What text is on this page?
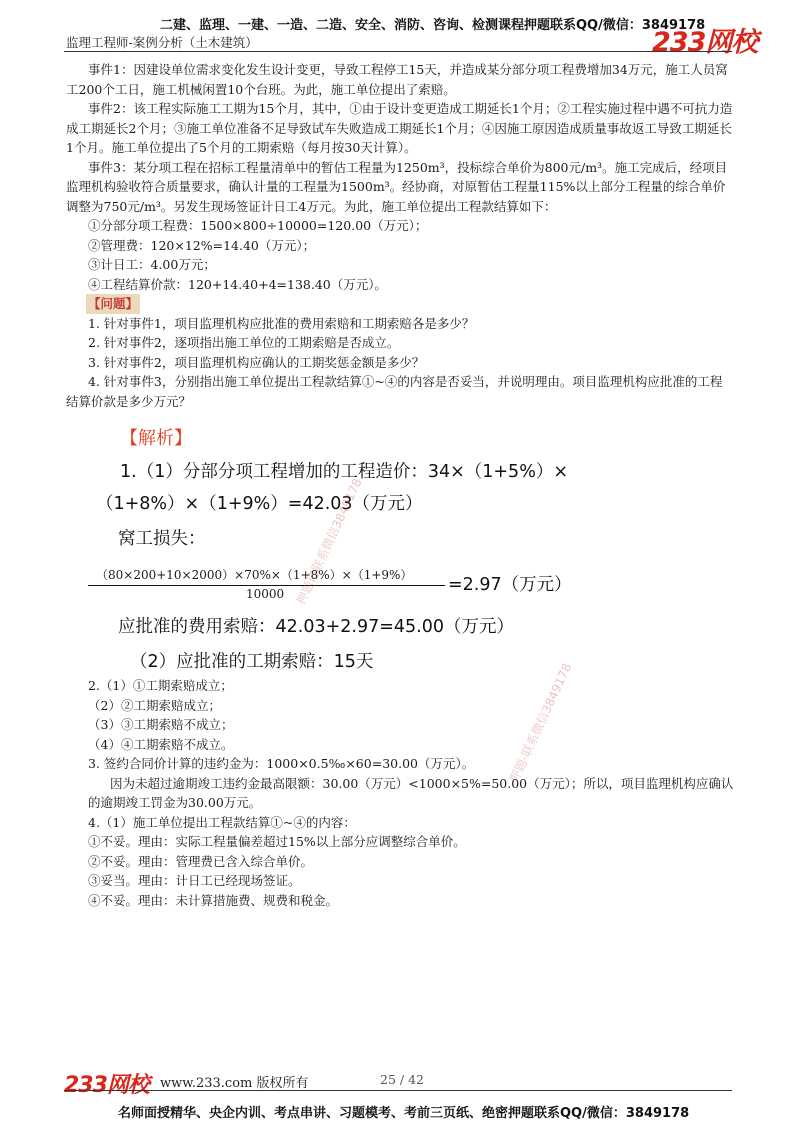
二建、监理、一建、一造、二造、安全、消防、咨询、检测课程押题联系QQ/微信：3849178
监理工程师-案例分析（土木建筑）	233网校

事件1：因建设单位需求变化发生设计变更，导致工程停工15天，并造成某分部分项工程费增加34万元，施工人员窝工200个工日，施工机械闲置10个台班。为此，施工单位提出了索赔。

事件2：该工程实际施工工期为15个月，其中，①由于设计变更造成工期延长1个月；②工程实施过程中遇不可抗力造成工期延长2个月；③施工单位准备不足导致试车失败造成工期延长1个月；④因施工原因造成质量事故返工导致工期延长1个月。施工单位提出了5个月的工期索赔（每月按30天计算）。

事件3：某分项工程在招标工程量清单中的暂估工程量为1250m³，投标综合单价为800元/m³。施工完成后，经项目监理机构验收符合质量要求，确认计量的工程量为1500m³。经协商，对原暂估工程量115%以上部分工程量的综合单价调整为750元/m³。另发生现场签证计日工4万元。为此，施工单位提出工程款结算如下：

①分部分项工程费：1500×800÷10000=120.00（万元）；

②管理费：120×12%=14.40（万元）；

③计日工：4.00万元；

④工程结算价款：120+14.40+4=138.40（万元）。

【问题】

1. 针对事件1，项目监理机构应批准的费用索赔和工期索赔各是多少？

2. 针对事件2，逐项指出施工单位的工期索赔是否成立。

3. 针对事件2，项目监理机构应确认的工期奖惩金额是多少？

4. 针对事件3，分别指出施工单位提出工程款结算①~④的内容是否妥当，并说明理由。项目监理机构应批准的工程结算价款是多少万元？

【解析】
1.（1）分部分项工程增加的工程造价：34×（1+5%）×
（1+8%）×（1+9%）=42.03（万元）
窝工损失：
（80×200+10×2000）×70%×（1+8%）×（1+9%）
10000	=2.97（万元）
应批准的费用索赔：42.03+2.97=45.00（万元）
（2）应批准的工期索赔：15天

2.（1）①工期索赔成立；

（2）②工期索赔成立；

（3）③工期索赔不成立；

（4）④工期索赔不成立。

3. 签约合同价计算的违约金为：1000×0.5‰×60=30.00（万元）。

因为未超过逾期竣工违约金最高限额：30.00（万元）<1000×5%=50.00（万元）；所以，项目监理机构应确认的逾期竣工罚金为30.00万元。

4.（1）施工单位提出工程款结算①~④的内容：

①不妥。理由：实际工程量偏差超过15%以上部分应调整综合单价。

②不妥。理由：管理费已含入综合单价。

③妥当。理由：计日工已经现场签证。

④不妥。理由：未计算措施费、规费和税金。

押题请联系微信3849178
押题-联系微信3849178
233网校 www.233.com 版权所有	25 / 42
名师面授精华、央企内训、考点串讲、习题模考、考前三页纸、绝密押题联系QQ/微信：3849178
